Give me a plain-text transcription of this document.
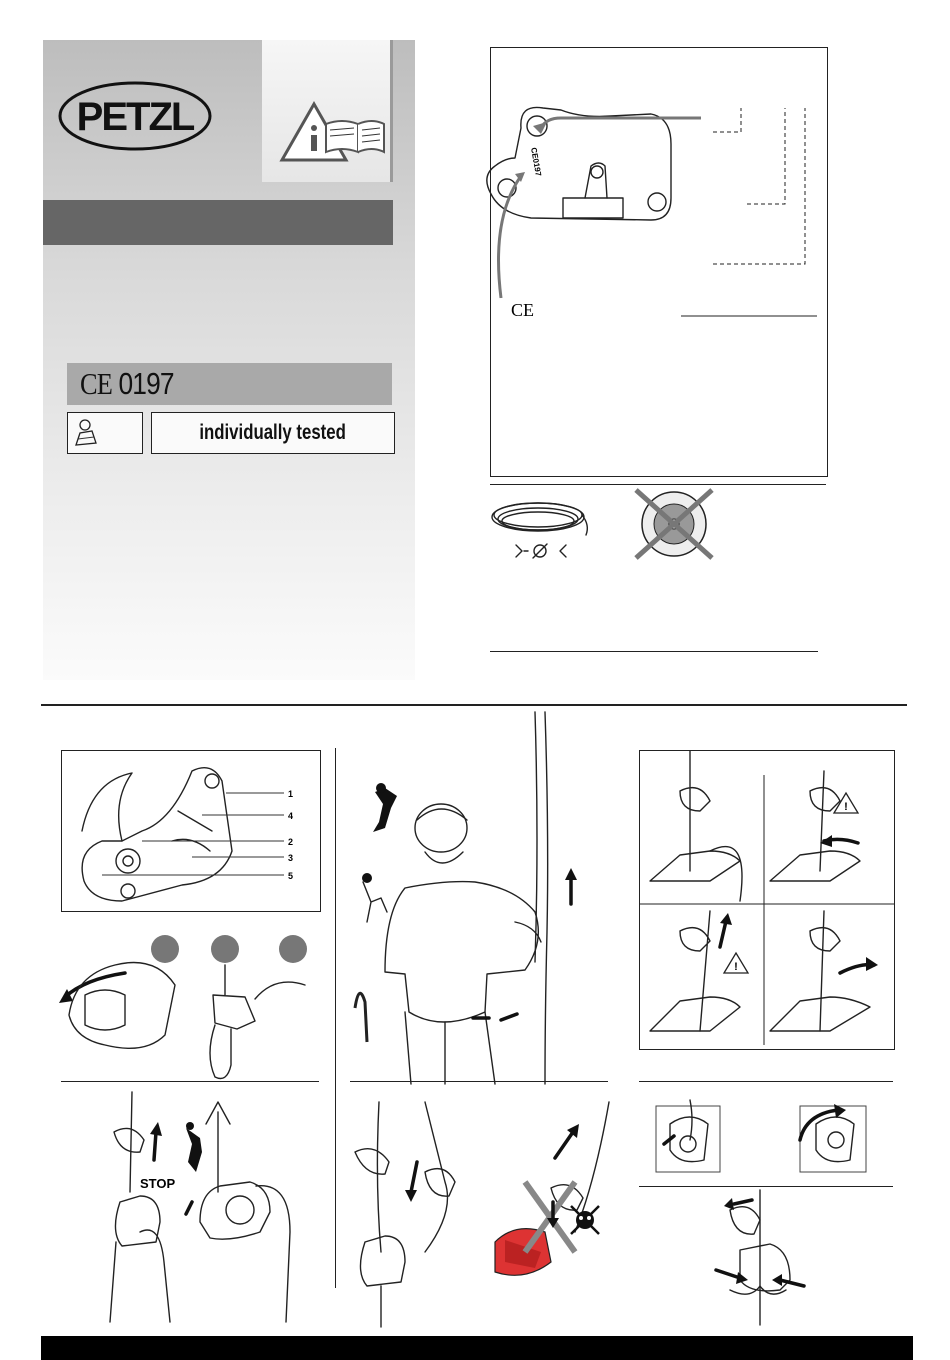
PETZL
CE 0197
individually tested
CE0197
CE
1
4
2
3
5
!
!
STOP
